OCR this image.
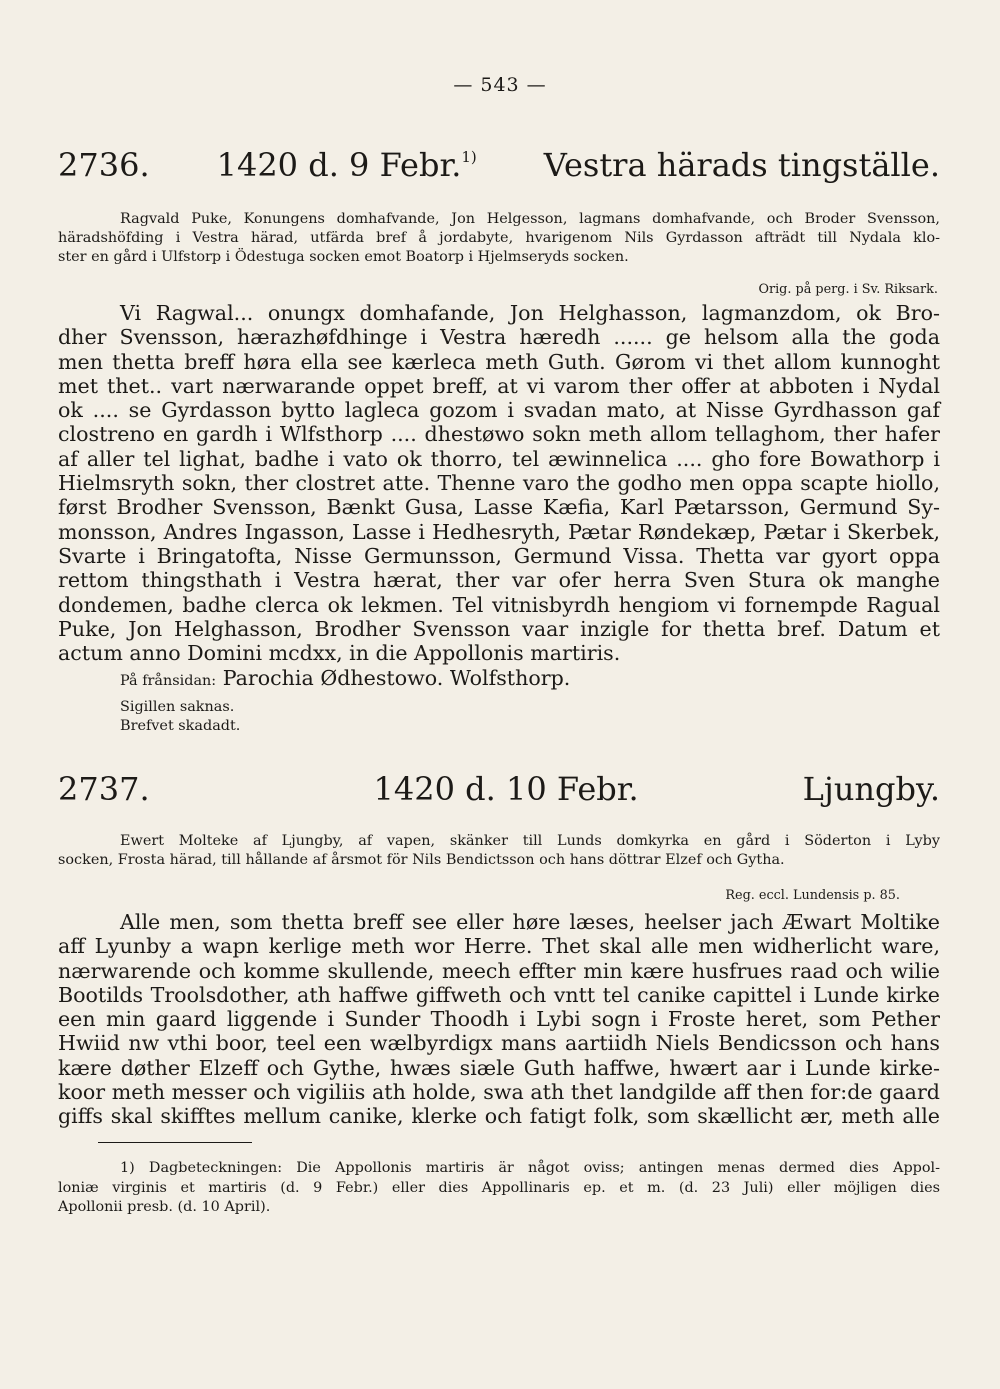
— 543 —
2736. 1420 d. 9 Febr.$^{1)}$ Vestra härads tingställe.
Ragvald Puke, Konungens domhafvande, Jon Helgesson, lagmans domhafvande, och Broder Svensson,
häradshöfding i Vestra härad, utfärda bref å jordabyte, hvarigenom Nils Gyrdasson afträdt till Nydala klo-
ster en gård i Ulfstorp i Ödestuga socken emot Boatorp i Hjelmseryds socken.
Orig. på perg. i Sv. Riksark.
Vi Ragwal... onungx domhafande, Jon Helghasson, lagmanzdom, ok Bro-
dher Svensson, hærazhøfdhinge i Vestra hæredh ...... ge helsom alla the goda
men thetta breff høra ella see kærleca meth Guth. Gørom vi thet allom kunnoght
met thet.. vart nærwarande oppet breff, at vi varom ther offer at abboten i Nydal
ok .... se Gyrdasson bytto lagleca gozom i svadan mato, at Nisse Gyrdhasson gaf
clostreno en gardh i Wlfsthorp .... dhestøwo sokn meth allom tellaghom, ther hafer
af aller tel lighat, badhe i vato ok thorro, tel æwinnelica .... gho fore Bowathorp i
Hielmsryth sokn, ther clostret atte. Thenne varo the godho men oppa scapte hiollo,
først Brodher Svensson, Bænkt Gusa, Lasse Kæfia, Karl Pætarsson, Germund Sy-
monsson, Andres Ingasson, Lasse i Hedhesryth, Pætar Røndekæp, Pætar i Skerbek,
Svarte i Bringatofta, Nisse Germunsson, Germund Vissa. Thetta var gyort oppa
rettom thingsthath i Vestra hærat, ther var ofer herra Sven Stura ok manghe
dondemen, badhe clerca ok lekmen. Tel vitnisbyrdh hengiom vi fornempde Ragual
Puke, Jon Helghasson, Brodher Svensson vaar inzigle for thetta bref. Datum et
actum anno Domini mcdxx, in die Appollonis martiris.
På frånsidan: Parochia Ødhestowo. Wolfsthorp.
Sigillen saknas.
Brefvet skadadt.
2737.	1420 d. 10 Febr.	Ljungby.
Ewert Molteke af Ljungby, af vapen, skänker till Lunds domkyrka en gård i Söderton i Lyby
socken, Frosta härad, till hållande af årsmot för Nils Bendictsson och hans döttrar Elzef och Gytha.
Reg. eccl. Lundensis p. 85.
Alle men, som thetta breff see eller høre læses, heelser jach Æwart Moltike
aff Lyunby a wapn kerlige meth wor Herre. Thet skal alle men widherlicht ware,
nærwarende och komme skullende, meech effter min kære husfrues raad och wilie
Bootilds Troolsdother, ath haffwe giffweth och vntt tel canike capittel i Lunde kirke
een min gaard liggende i Sunder Thoodh i Lybi sogn i Froste heret, som Pether
Hwiid nw vthi boor, teel een wælbyrdigx mans aartiidh Niels Bendicsson och hans
kære døther Elzeff och Gythe, hwæs siæle Guth haffwe, hwært aar i Lunde kirke-
koor meth messer och vigiliis ath holde, swa ath thet landgilde aff then for:de gaard
giffs skal skifftes mellum canike, klerke och fatigt folk, som skællicht ær, meth alle
1) Dagbeteckningen: Die Appollonis martiris är något oviss; antingen menas dermed dies Appol-
loniæ virginis et martiris (d. 9 Febr.) eller dies Appollinaris ep. et m. (d. 23 Juli) eller möjligen dies
Apollonii presb. (d. 10 April).
